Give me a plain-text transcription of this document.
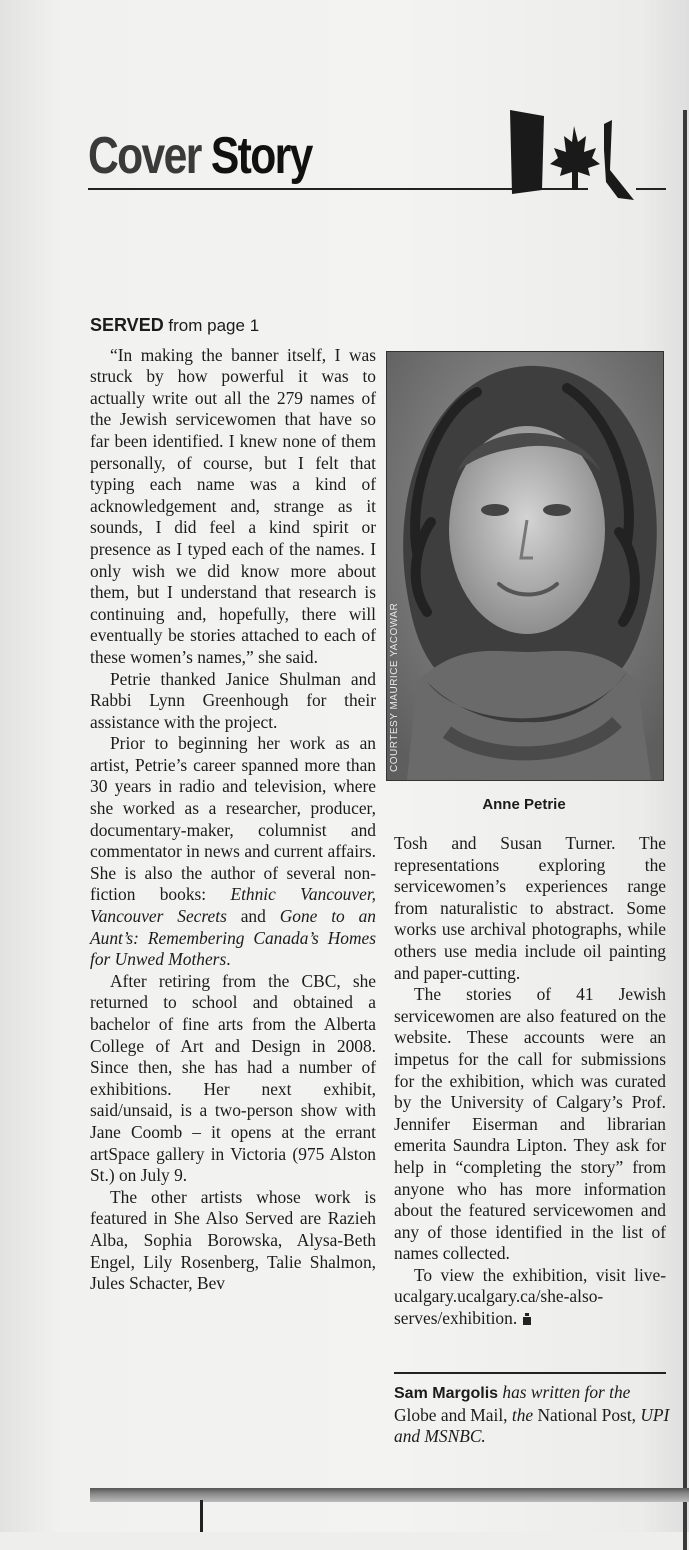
Cover Story

SERVED from page 1

“In making the banner itself, I was struck by how powerful it was to actually write out all the 279 names of the Jewish servicewomen that have so far been identified. I knew none of them personally, of course, but I felt that typing each name was a kind of acknowledgement and, strange as it sounds, I did feel a kind spirit or presence as I typed each of the names. I only wish we did know more about them, but I understand that research is continuing and, hopefully, there will eventually be stories attached to each of these women’s names,” she said.

Petrie thanked Janice Shulman and Rabbi Lynn Greenhough for their assistance with the project.

Prior to beginning her work as an artist, Petrie’s career spanned more than 30 years in radio and television, where she worked as a researcher, producer, documentary-maker, columnist and commentator in news and current affairs. She is also the author of several non-fiction books: Ethnic Vancouver, Vancouver Secrets and Gone to an Aunt’s: Remembering Canada’s Homes for Unwed Mothers.

After retiring from the CBC, she returned to school and obtained a bachelor of fine arts from the Alberta College of Art and Design in 2008. Since then, she has had a number of exhibitions. Her next exhibit, said/unsaid, is a two-person show with Jane Coomb – it opens at the errant artSpace gallery in Victoria (975 Alston St.) on July 9.

The other artists whose work is featured in She Also Served are Razieh Alba, Sophia Borowska, Alysa-Beth Engel, Lily Rosenberg, Talie Shalmon, Jules Schacter, Bev

COURTESY MAURICE YACOWAR
Anne Petrie

Tosh and Susan Turner. The representations exploring the servicewomen’s experiences range from naturalistic to abstract. Some works use archival photographs, while others use media include oil painting and paper-cutting.

The stories of 41 Jewish servicewomen are also featured on the website. These accounts were an impetus for the call for submissions for the exhibition, which was curated by the University of Calgary’s Prof. Jennifer Eiserman and librarian emerita Saundra Lipton. They ask for help in “completing the story” from anyone who has more information about the featured servicewomen and any of those identified in the list of names collected.

To view the exhibition, visit live-ucalgary.ucalgary.ca/she-also-serves/exhibition.

Sam Margolis has written for the Globe and Mail, the National Post, UPI and MSNBC.
